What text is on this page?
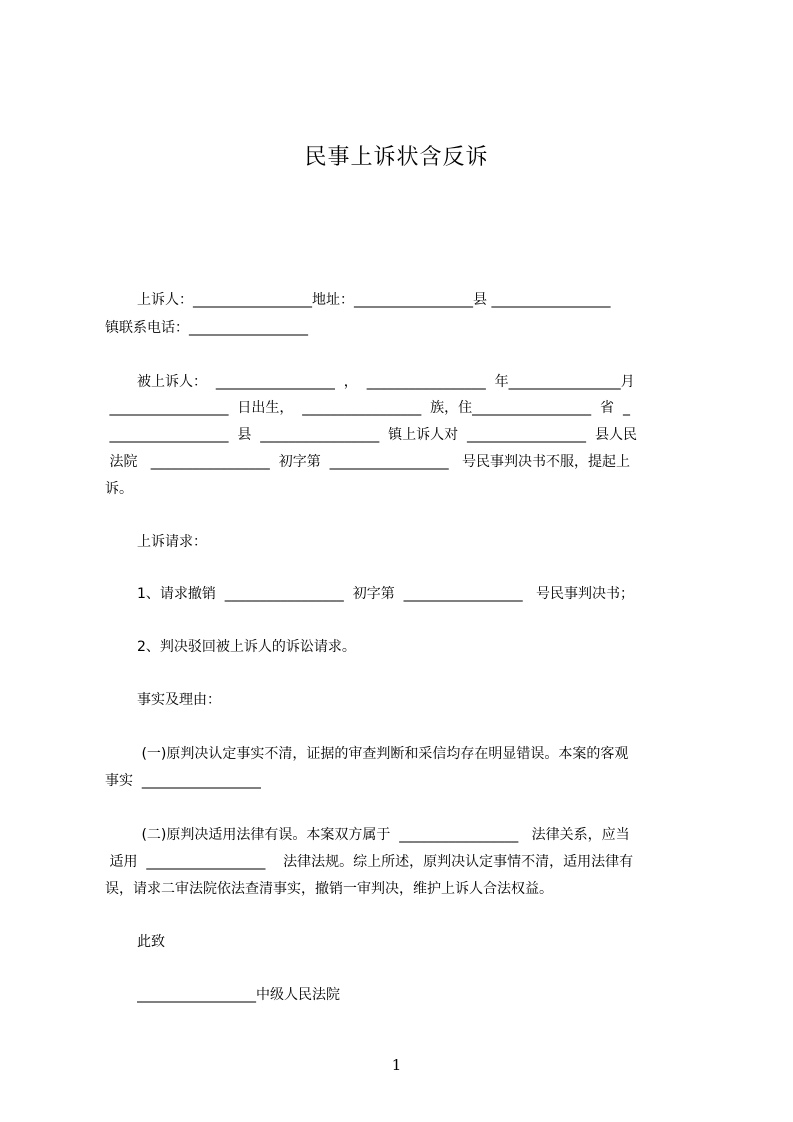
民事上诉状含反诉
上诉人：_________________地址：_________________县 _________________
镇联系电话：_________________
被上诉人：  _________________  ，  _________________  年________________月
_________________  日出生，  _________________  族，住_________________  省  _
_________________  县  _________________  镇上诉人对  _________________  县人民
法院   _________________  初字第  _________________   号民事判决书不服，提起上
诉。
上诉请求：
1、请求撤销  _________________  初字第  _________________   号民事判决书；
2、判决驳回被上诉人的诉讼请求。
事实及理由：
(一)原判决认定事实不清，证据的审查判断和采信均存在明显错误。本案的客观
事实  _________________
(二)原判决适用法律有误。本案双方属于  _________________   法律关系，应当
适用  _________________    法律法规。综上所述，原判决认定事情不清，适用法律有
误，请求二审法院依法查清事实，撤销一审判决，维护上诉人合法权益。
此致
_________________中级人民法院
1
